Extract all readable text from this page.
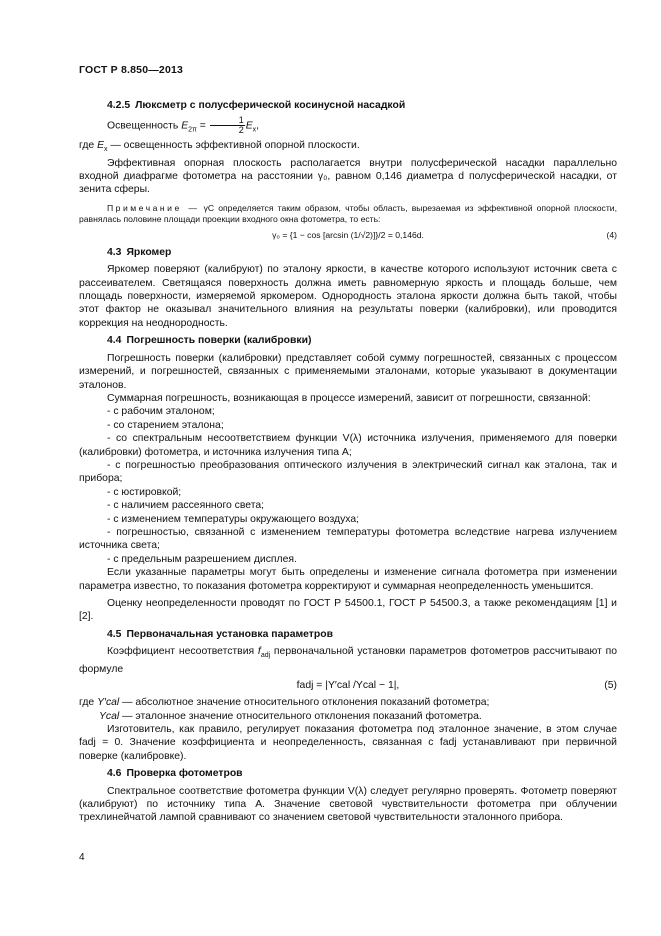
ГОСТ Р 8.850—2013
4.2.5 Люксметр с полусферической косинусной насадкой

Освещенность $E_{2\pi} = \frac{1}{2} E_x$,

где $E_x$ — освещенность эффективной опорной плоскости.

Эффективная опорная плоскость располагается внутри полусферической насадки параллельно входной диафрагме фотометра на расстоянии γ₀, равном 0,146 диаметра d полусферической насадки, от зенита сферы.

Примечание — γC определяется таким образом, чтобы область, вырезаемая из эффективной опорной плоскости, равнялась половине площади проекции входного окна фотометра, то есть:

γ₀ = {1 − cos [arcsin (1/√2)]}/2 = 0,146d.	(4)
4.3 Яркомер

Яркомер поверяют (калибруют) по эталону яркости, в качестве которого используют источник света с рассеивателем. Светящаяся поверхность должна иметь равномерную яркость и площадь больше, чем площадь поверхности, измеряемой яркомером. Однородность эталона яркости должна быть такой, чтобы этот фактор не оказывал значительного влияния на результаты поверки (калибровки), или проводится коррекция на неоднородность.

4.4 Погрешность поверки (калибровки)

Погрешность поверки (калибровки) представляет собой сумму погрешностей, связанных с процессом измерений, и погрешностей, связанных с применяемыми эталонами, которые указывают в документации эталонов.

Суммарная погрешность, возникающая в процессе измерений, зависит от погрешности, связанной:

- с рабочим эталоном;

- со старением эталона;

- со спектральным несоответствием функции V(λ) источника излучения, применяемого для поверки (калибровки) фотометра, и источника излучения типа А;

- с погрешностью преобразования оптического излучения в электрический сигнал как эталона, так и прибора;

- с юстировкой;

- с наличием рассеянного света;

- с изменением температуры окружающего воздуха;

- погрешностью, связанной с изменением температуры фотометра вследствие нагрева излучением источника света;

- с предельным разрешением дисплея.

Если указанные параметры могут быть определены и изменение сигнала фотометра при изменении параметра известно, то показания фотометра корректируют и суммарная неопределенность уменьшится.

Оценку неопределенности проводят по ГОСТ Р 54500.1, ГОСТ Р 54500.3, а также рекомендациям [1] и [2].

4.5 Первоначальная установка параметров

Коэффициент несоответствия $f_{adj}$ первоначальной установки параметров фотометров рассчитывают по формуле

fadj = |Y′cal /Ycal − 1|,	(5)

где Y′cal — абсолютное значение относительного отклонения показаний фотометра;

Ycal — эталонное значение относительного отклонения показаний фотометра.

Изготовитель, как правило, регулирует показания фотометра под эталонное значение, в этом случае fadj = 0. Значение коэффициента и неопределенность, связанная с fadj устанавливают при первичной поверке (калибровке).

4.6 Проверка фотометров

Спектральное соответствие фотометра функции V(λ) следует регулярно проверять. Фотометр поверяют (калибруют) по источнику типа А. Значение световой чувствительности фотометра при облучении трехлинейчатой лампой сравнивают со значением световой чувствительности эталонного прибора.

4
